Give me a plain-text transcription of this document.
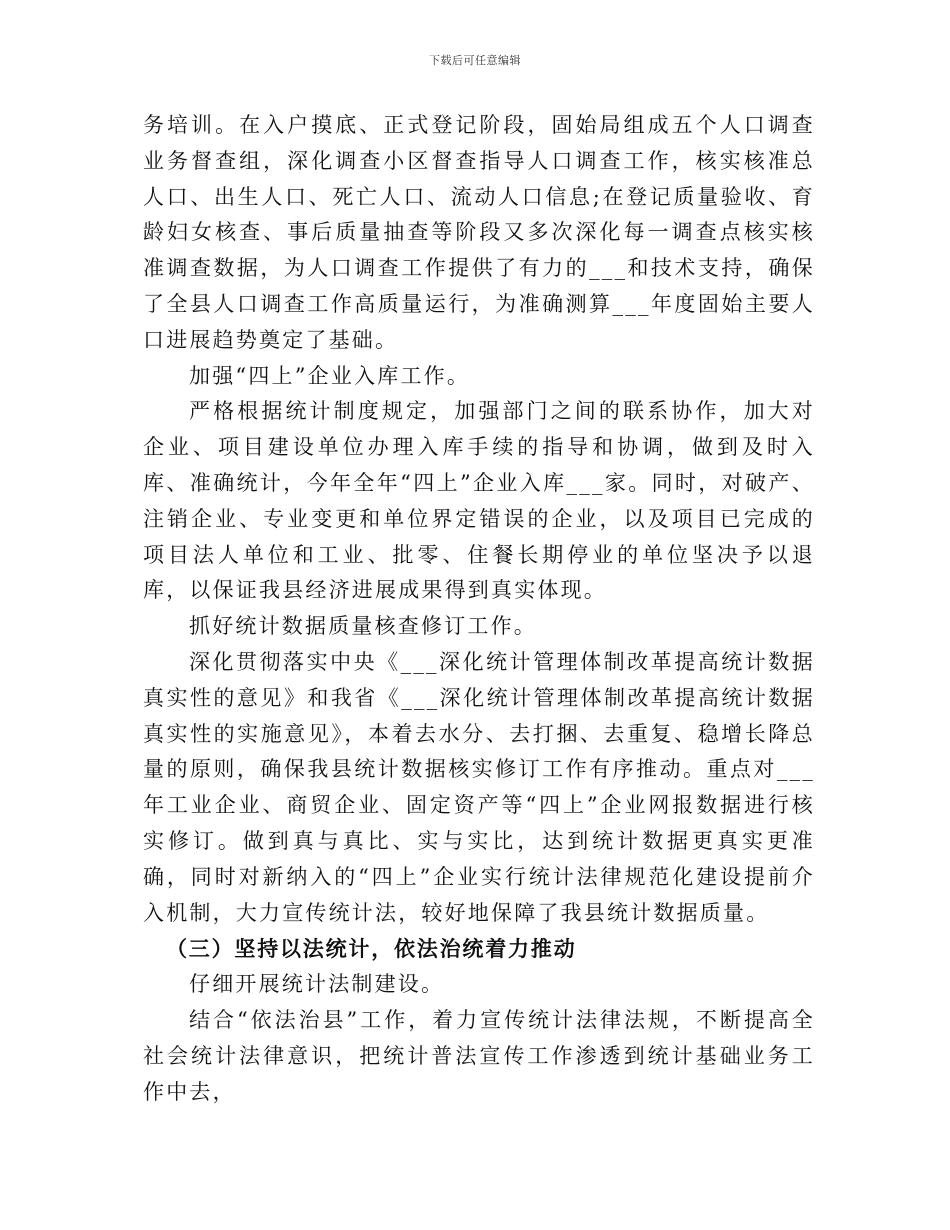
下载后可任意编辑

务培训。在入户摸底、正式登记阶段，固始局组成五个人口调查业务督查组，深化调查小区督查指导人口调查工作，核实核准总人口、出生人口、死亡人口、流动人口信息;在登记质量验收、育龄妇女核查、事后质量抽查等阶段又多次深化每一调查点核实核准调查数据，为人口调查工作提供了有力的___和技术支持，确保了全县人口调查工作高质量运行，为准确测算___年度固始主要人口进展趋势奠定了基础。

加强“四上”企业入库工作。

严格根据统计制度规定，加强部门之间的联系协作，加大对企业、项目建设单位办理入库手续的指导和协调，做到及时入库、准确统计，今年全年“四上”企业入库___家。同时，对破产、注销企业、专业变更和单位界定错误的企业，以及项目已完成的项目法人单位和工业、批零、住餐长期停业的单位坚决予以退库，以保证我县经济进展成果得到真实体现。

抓好统计数据质量核查修订工作。

深化贯彻落实中央《___深化统计管理体制改革提高统计数据真实性的意见》和我省《___深化统计管理体制改革提高统计数据真实性的实施意见》，本着去水分、去打捆、去重复、稳增长降总量的原则，确保我县统计数据核实修订工作有序推动。重点对___年工业企业、商贸企业、固定资产等“四上”企业网报数据进行核实修订。做到真与真比、实与实比，达到统计数据更真实更准确，同时对新纳入的“四上”企业实行统计法律规范化建设提前介入机制，大力宣传统计法，较好地保障了我县统计数据质量。

（三）坚持以法统计，依法治统着力推动

仔细开展统计法制建设。

结合“依法治县”工作，着力宣传统计法律法规，不断提高全社会统计法律意识，把统计普法宣传工作渗透到统计基础业务工作中去，
